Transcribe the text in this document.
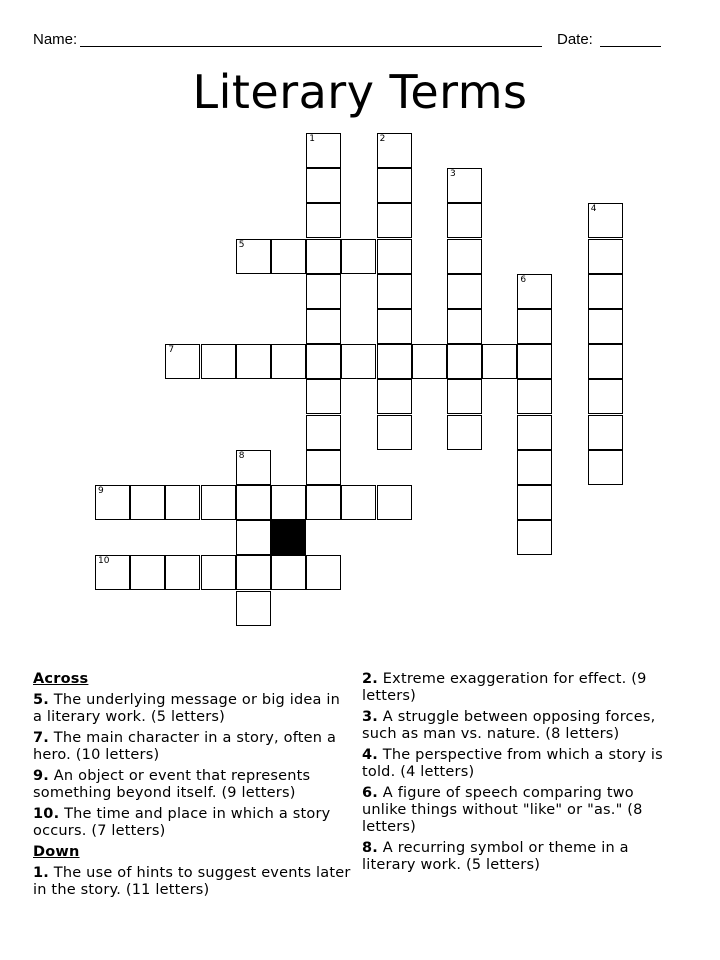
Name:	Date:
Literary Terms
1	2
3
4
5
6
7
8
9
10
Across
5. The underlying message or big idea in a literary work. (5 letters)
7. The main character in a story, often a hero. (10 letters)
9. An object or event that represents something beyond itself. (9 letters)
10. The time and place in which a story occurs. (7 letters)
Down
1. The use of hints to suggest events later in the story. (11 letters)
2. Extreme exaggeration for effect. (9 letters)
3. A struggle between opposing forces, such as man vs. nature. (8 letters)
4. The perspective from which a story is told. (4 letters)
6. A figure of speech comparing two unlike things without "like" or "as." (8 letters)
8. A recurring symbol or theme in a literary work. (5 letters)
